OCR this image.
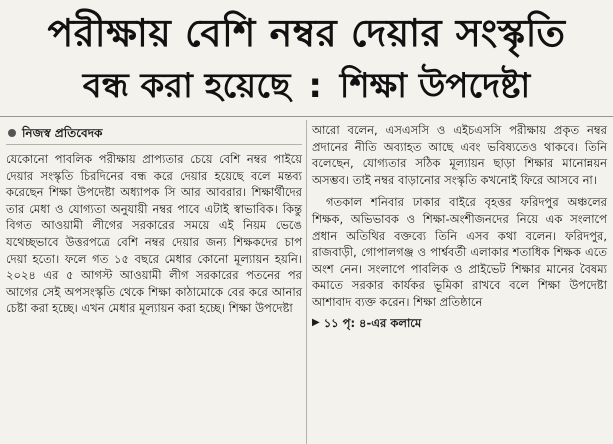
পরীক্ষায় বেশি নম্বর দেয়ার সংস্কৃতি
বন্ধ করা হয়েছে : শিক্ষা উপদেষ্টা
নিজস্ব প্রতিবেদক

যেকোনো পাবলিক পরীক্ষায় প্রাপ্যতার চেয়ে বেশি নম্বর পাইয়ে দেয়ার সংস্কৃতি চিরদিনের বন্ধ করে দেয়ার হয়েছে বলে মন্তব্য করেছেন শিক্ষা উপদেষ্টা অধ্যাপক সি আর আবরার। শিক্ষার্থীদের তার মেধা ও যোগ্যতা অনুযায়ী নম্বর পাবে এটাই স্বাভাবিক। কিন্তু বিগত আওয়ামী লীগের সরকারের সময়ে এই নিয়ম ভেঙে যথেচ্ছভাবে উত্তরপত্রে বেশি নম্বর দেয়ার জন্য শিক্ষকদের চাপ দেয়া হতো। ফলে গত ১৫ বছরে মেধার কোনো মূল্যায়ন হয়নি। ২০২৪ এর ৫ আগস্ট আওয়ামী লীগ সরকারের পতনের পর আগের সেই অপসংস্কৃতি থেকে শিক্ষা কাঠামোকে বের করে আনার চেষ্টা করা হচ্ছে। এখন মেধার মূল্যায়ন করা হচ্ছে। শিক্ষা উপদেষ্টা

আরো বলেন, এসএসসি ও এইচএসসি পরীক্ষায় প্রকৃত নম্বর প্রদানের নীতি অব্যাহত আছে এবং ভবিষ্যতেও থাকবে। তিনি বলেছেন, যোগ্যতার সঠিক মূল্যায়ন ছাড়া শিক্ষার মানোন্নয়ন অসম্ভব। তাই নম্বর বাড়ানোর সংস্কৃতি কখনোই ফিরে আসবে না।

গতকাল শনিবার ঢাকার বাইরে বৃহত্তর ফরিদপুর অঞ্চলের শিক্ষক, অভিভাবক ও শিক্ষা-অংশীজনদের নিয়ে এক সংলাপে প্রধান অতিথির বক্তব্যে তিনি এসব কথা বলেন। ফরিদপুর, রাজবাড়ী, গোপালগঞ্জ ও পার্শ্ববর্তী এলাকার শতাধিক শিক্ষক এতে অংশ নেন। সংলাপে পাবলিক ও প্রাইভেট শিক্ষার মানের বৈষম্য কমাতে সরকার কার্যকর ভূমিকা রাখবে বলে শিক্ষা উপদেষ্টা আশাবাদ ব্যক্ত করেন। শিক্ষা প্রতিষ্ঠানে

▶ ১১ পৃ: ৪-এর কলামে
